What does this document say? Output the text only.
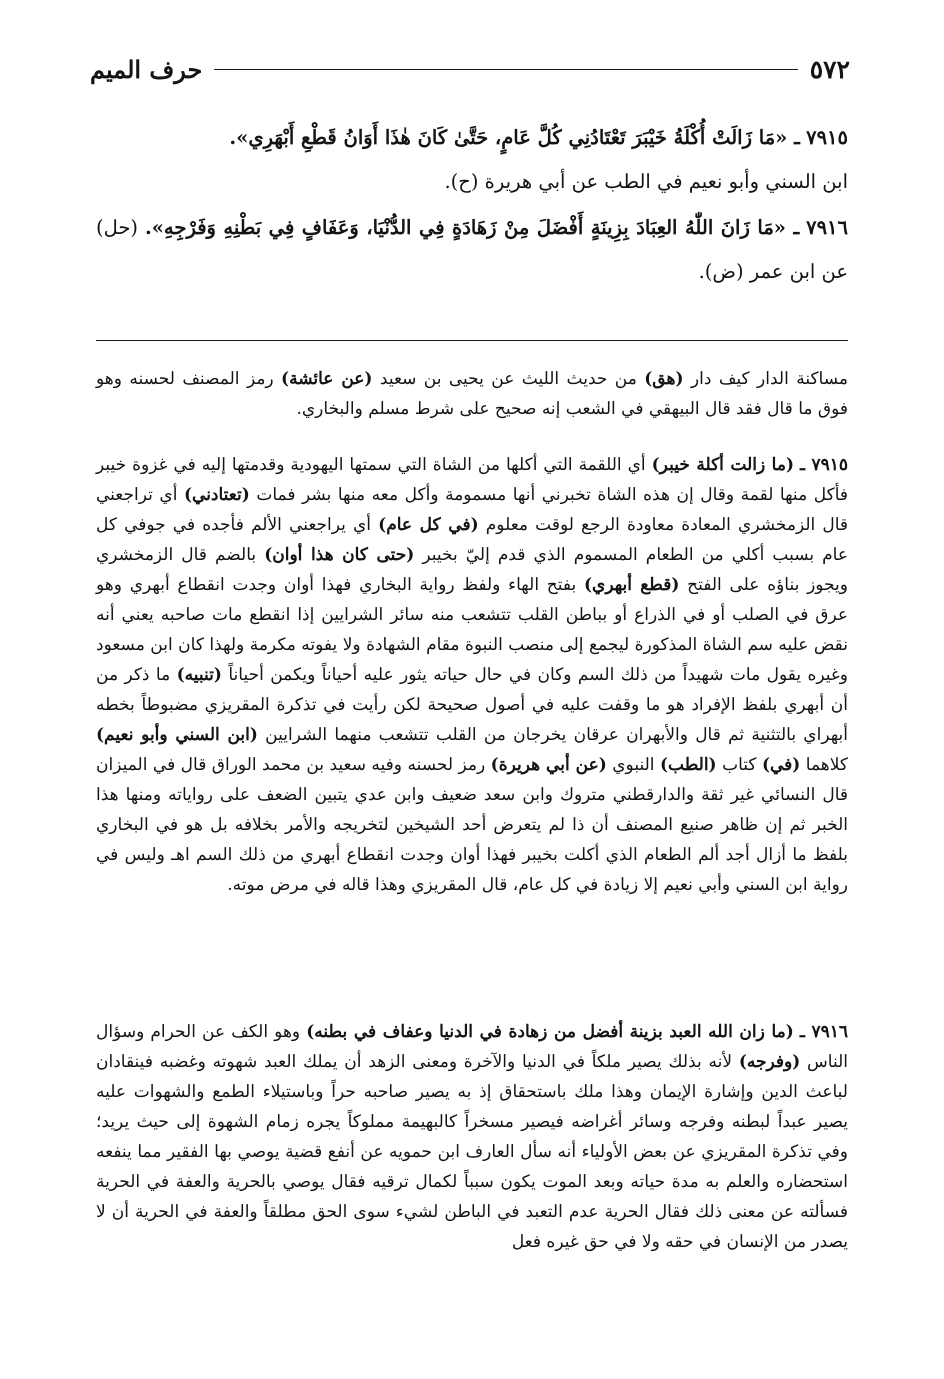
٥٧٢
حرف الميم
٧٩١٥ ـ «مَا زَالَتْ أُكْلَةُ خَيْبَرَ تَعْتَادُنِي كُلَّ عَامٍ، حَتَّىٰ كَانَ هٰذَا أَوَانُ قَطْعِ أَبْهَرِي».
ابن السني وأبو نعيم في الطب عن أبي هريرة (ح).
٧٩١٦ ـ «مَا زَانَ اللّٰهُ العِبَادَ بِزِينَةٍ أَفْضَلَ مِنْ زَهَادَةٍ فِي الدُّنْيَا، وَعَفَافٍ فِي بَطْنِهِ وَفَرْجِهِ». (حل) عن ابن عمر (ض).
مساكنة الدار كيف دار (هق) من حديث الليث عن يحيى بن سعيد (عن عائشة) رمز المصنف لحسنه وهو فوق ما قال فقد قال البيهقي في الشعب إنه صحيح على شرط مسلم والبخاري.
٧٩١٥ ـ (ما زالت أكلة خيبر) أي اللقمة التي أكلها من الشاة التي سمتها اليهودية وقدمتها إليه في غزوة خيبر فأكل منها لقمة وقال إن هذه الشاة تخبرني أنها مسمومة وأكل معه منها بشر فمات (تعتادني) أي تراجعني قال الزمخشري المعادة معاودة الرجع لوقت معلوم (في كل عام) أي يراجعني الألم فأجده في جوفي كل عام بسبب أكلي من الطعام المسموم الذي قدم إليّ بخيبر (حتى كان هذا أوان) بالضم قال الزمخشري ويجوز بناؤه على الفتح (قطع أبهري) بفتح الهاء ولفظ رواية البخاري فهذا أوان وجدت انقطاع أبهري وهو عرق في الصلب أو في الذراع أو بباطن القلب تتشعب منه سائر الشرايين إذا انقطع مات صاحبه يعني أنه نقض عليه سم الشاة المذكورة ليجمع إلى منصب النبوة مقام الشهادة ولا يفوته مكرمة ولهذا كان ابن مسعود وغيره يقول مات شهيداً من ذلك السم وكان في حال حياته يثور عليه أحياناً ويكمن أحياناً (تنبيه) ما ذكر من أن أبهري بلفظ الإفراد هو ما وقفت عليه في أصول صحيحة لكن رأيت في تذكرة المقريزي مضبوطاً بخطه أبهراي بالتثنية ثم قال والأبهران عرقان يخرجان من القلب تتشعب منهما الشرايين (ابن السني وأبو نعيم) كلاهما (في) كتاب (الطب) النبوي (عن أبي هريرة) رمز لحسنه وفيه سعيد بن محمد الوراق قال في الميزان قال النسائي غير ثقة والدارقطني متروك وابن سعد ضعيف وابن عدي يتبين الضعف على رواياته ومنها هذا الخبر ثم إن ظاهر صنيع المصنف أن ذا لم يتعرض أحد الشيخين لتخريجه والأمر بخلافه بل هو في البخاري بلفظ ما أزال أجد ألم الطعام الذي أكلت بخيبر فهذا أوان وجدت انقطاع أبهري من ذلك السم اهـ وليس في رواية ابن السني وأبي نعيم إلا زيادة في كل عام، قال المقريزي وهذا قاله في مرض موته.
٧٩١٦ ـ (ما زان الله العبد بزينة أفضل من زهادة في الدنيا وعفاف في بطنه) وهو الكف عن الحرام وسؤال الناس (وفرجه) لأنه بذلك يصير ملكاً في الدنيا والآخرة ومعنى الزهد أن يملك العبد شهوته وغضبه فينقادان لباعث الدين وإشارة الإيمان وهذا ملك باستحقاق إذ به يصير صاحبه حراً وباستيلاء الطمع والشهوات عليه يصير عبداً لبطنه وفرجه وسائر أغراضه فيصير مسخراً كالبهيمة مملوكاً يجره زمام الشهوة إلى حيث يريد؛ وفي تذكرة المقريزي عن بعض الأولياء أنه سأل العارف ابن حمويه عن أنفع قضية يوصي بها الفقير مما ينفعه استحضاره والعلم به مدة حياته وبعد الموت يكون سبباً لكمال ترقيه فقال يوصي بالحرية والعفة في الحرية فسألته عن معنى ذلك فقال الحرية عدم التعبد في الباطن لشيء سوى الحق مطلقاً والعفة في الحرية أن لا يصدر من الإنسان في حقه ولا في حق غيره فعل
